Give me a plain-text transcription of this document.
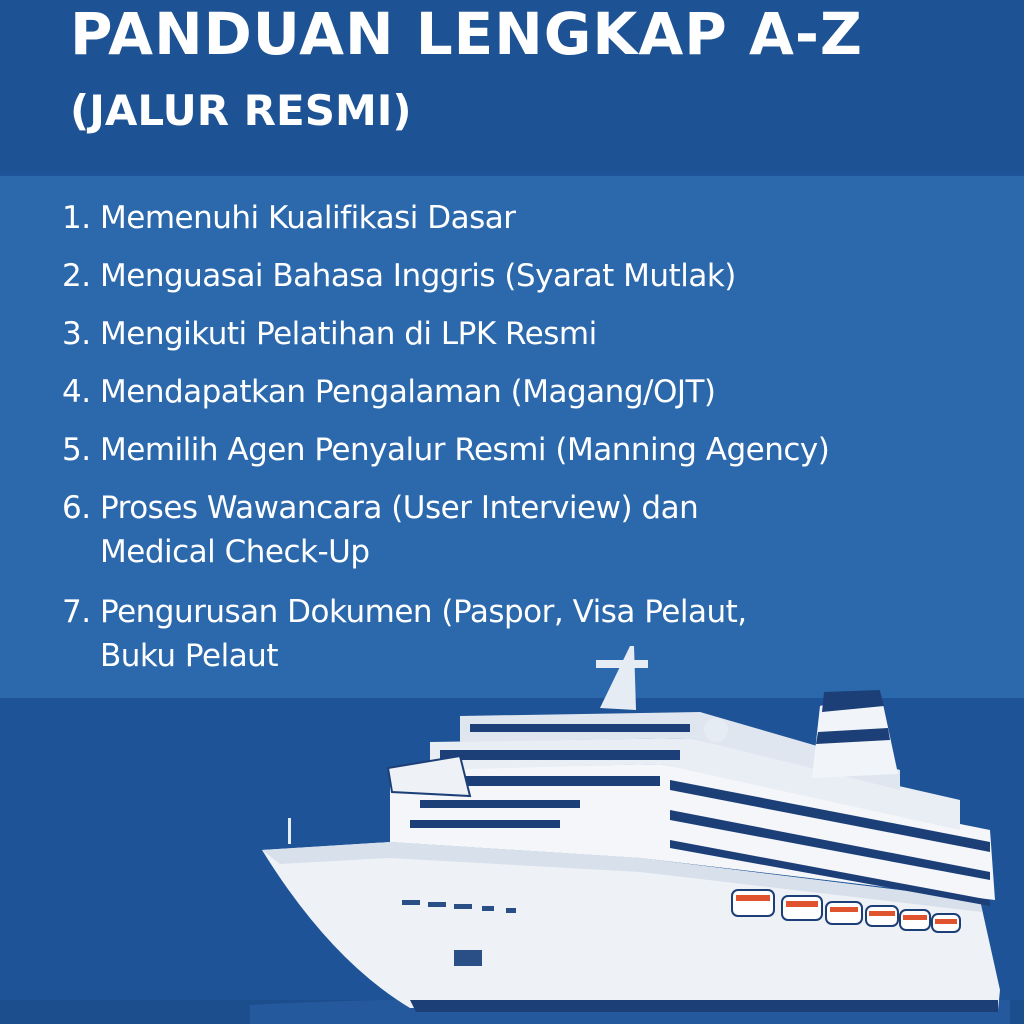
PANDUAN LENGKAP A-Z
(JALUR RESMI)
1. Memenuhi Kualifikasi Dasar
2. Menguasai Bahasa Inggris (Syarat Mutlak)
3. Mengikuti Pelatihan di LPK Resmi
4. Mendapatkan Pengalaman (Magang/OJT)
5. Memilih Agen Penyalur Resmi (Manning Agency)
6. Proses Wawancara (User Interview) dan
Medical Check-Up
7. Pengurusan Dokumen (Paspor, Visa Pelaut,
Buku Pelaut
